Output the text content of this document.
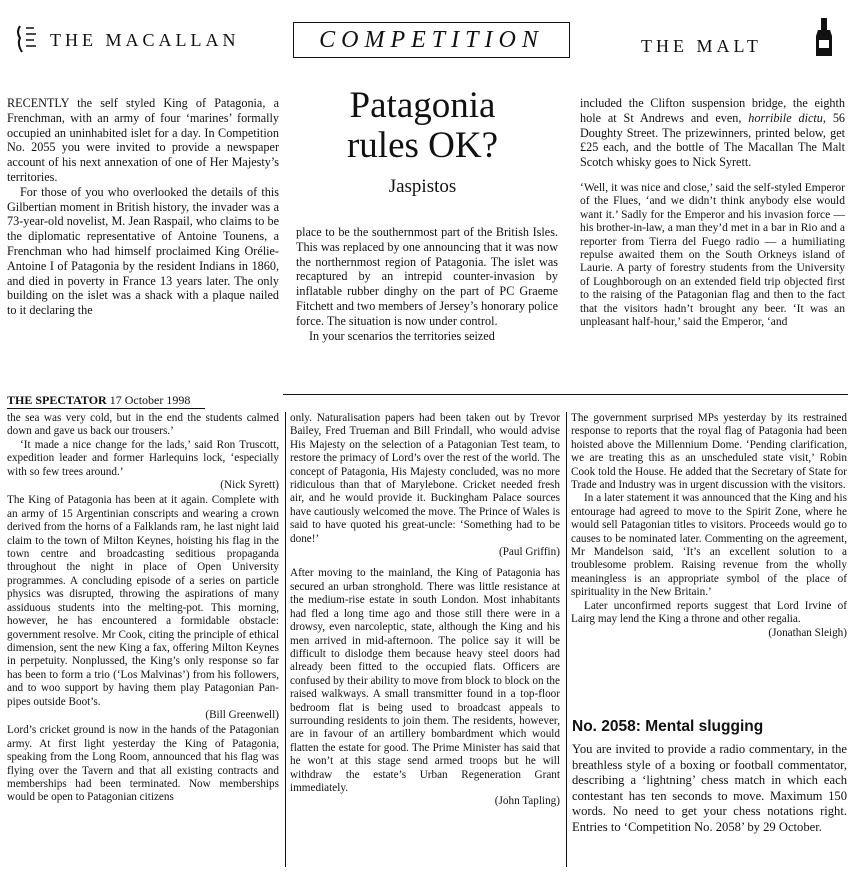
THE MACALLAN	COMPETITION	THE MALT
Patagonia
rules OK?
Jaspistos

RECENTLY the self styled King of Patagonia, a Frenchman, with an army of four ‘marines’ formally occupied an uninhabited islet for a day. In Competition No. 2055 you were invited to provide a newspaper account of his next annexation of one of Her Majesty’s territories.

For those of you who overlooked the details of this Gilbertian moment in British history, the invader was a 73-year-old novelist, M. Jean Raspail, who claims to be the diplomatic representative of Antoine Tounens, a Frenchman who had himself proclaimed King Orélie-Antoine I of Patagonia by the resident Indians in 1860, and died in poverty in France 13 years later. The only building on the islet was a shack with a plaque nailed to it declaring the

place to be the southernmost part of the British Isles. This was replaced by one announcing that it was now the northernmost region of Patagonia. The islet was recaptured by an intrepid counter-invasion by inflatable rubber dinghy on the part of PC Graeme Fitchett and two members of Jersey’s honorary police force. The situation is now under control.

In your scenarios the territories seized

included the Clifton suspension bridge, the eighth hole at St Andrews and even, horribile dictu, 56 Doughty Street. The prizewinners, printed below, get £25 each, and the bottle of The Macallan The Malt Scotch whisky goes to Nick Syrett.

‘Well, it was nice and close,’ said the self-styled Emperor of the Flues, ‘and we didn’t think anybody else would want it.’ Sadly for the Emperor and his invasion force — his brother-in-law, a man they’d met in a bar in Rio and a reporter from Tierra del Fuego radio — a humiliating repulse awaited them on the South Orkneys island of Laurie. A party of forestry students from the University of Loughborough on an extended field trip objected first to the raising of the Patagonian flag and then to the fact that the visitors hadn’t brought any beer. ‘It was an unpleasant half-hour,’ said the Emperor, ‘and

THE SPECTATOR 17 October 1998

the sea was very cold, but in the end the students calmed down and gave us back our trousers.’

‘It made a nice change for the lads,’ said Ron Truscott, expedition leader and former Harlequins lock, ‘especially with so few trees around.’

(Nick Syrett)

The King of Patagonia has been at it again. Complete with an army of 15 Argentinian conscripts and wearing a crown derived from the horns of a Falklands ram, he last night laid claim to the town of Milton Keynes, hoisting his flag in the town centre and broadcasting seditious propaganda throughout the night in place of Open University programmes. A concluding episode of a series on particle physics was disrupted, throwing the aspirations of many assiduous students into the melting-pot. This morning, however, he has encountered a formidable obstacle: government resolve. Mr Cook, citing the principle of ethical dimension, sent the new King a fax, offering Milton Keynes in perpetuity. Nonplussed, the King’s only response so far has been to form a trio (‘Los Malvinas’) from his followers, and to woo support by having them play Patagonian Pan-pipes outside Boot’s.

(Bill Greenwell)

Lord’s cricket ground is now in the hands of the Patagonian army. At first light yesterday the King of Patagonia, speaking from the Long Room, announced that his flag was flying over the Tavern and that all existing contracts and memberships had been terminated. Now memberships would be open to Patagonian citizens

only. Naturalisation papers had been taken out by Trevor Bailey, Fred Trueman and Bill Frindall, who would advise His Majesty on the selection of a Patagonian Test team, to restore the primacy of Lord’s over the rest of the world. The concept of Patagonia, His Majesty concluded, was no more ridiculous than that of Marylebone. Cricket needed fresh air, and he would provide it. Buckingham Palace sources have cautiously welcomed the move. The Prince of Wales is said to have quoted his great-uncle: ‘Something had to be done!’

(Paul Griffin)

After moving to the mainland, the King of Patagonia has secured an urban stronghold. There was little resistance at the medium-rise estate in south London. Most inhabitants had fled a long time ago and those still there were in a drowsy, even narcoleptic, state, although the King and his men arrived in mid-afternoon. The police say it will be difficult to dislodge them because heavy steel doors had already been fitted to the occupied flats. Officers are confused by their ability to move from block to block on the raised walkways. A small transmitter found in a top-floor bedroom flat is being used to broadcast appeals to surrounding residents to join them. The residents, however, are in favour of an artillery bombardment which would flatten the estate for good. The Prime Minister has said that he won’t at this stage send armed troops but he will withdraw the estate’s Urban Regeneration Grant immediately.

(John Tapling)

The government surprised MPs yesterday by its restrained response to reports that the royal flag of Patagonia had been hoisted above the Millennium Dome. ‘Pending clarification, we are treating this as an unscheduled state visit,’ Robin Cook told the House. He added that the Secretary of State for Trade and Industry was in urgent discussion with the visitors.

In a later statement it was announced that the King and his entourage had agreed to move to the Spirit Zone, where he would sell Patagonian titles to visitors. Proceeds would go to causes to be nominated later. Commenting on the agreement, Mr Mandelson said, ‘It’s an excellent solution to a troublesome problem. Raising revenue from the wholly meaningless is an appropriate symbol of the place of spirituality in the New Britain.’

Later unconfirmed reports suggest that Lord Irvine of Lairg may lend the King a throne and other regalia.

(Jonathan Sleigh)
No. 2058: Mental slugging
You are invited to provide a radio commentary, in the breathless style of a boxing or football commentator, describing a ‘lightning’ chess match in which each contestant has ten seconds to move. Maximum 150 words. No need to get your chess notations right. Entries to ‘Competition No. 2058’ by 29 October.
